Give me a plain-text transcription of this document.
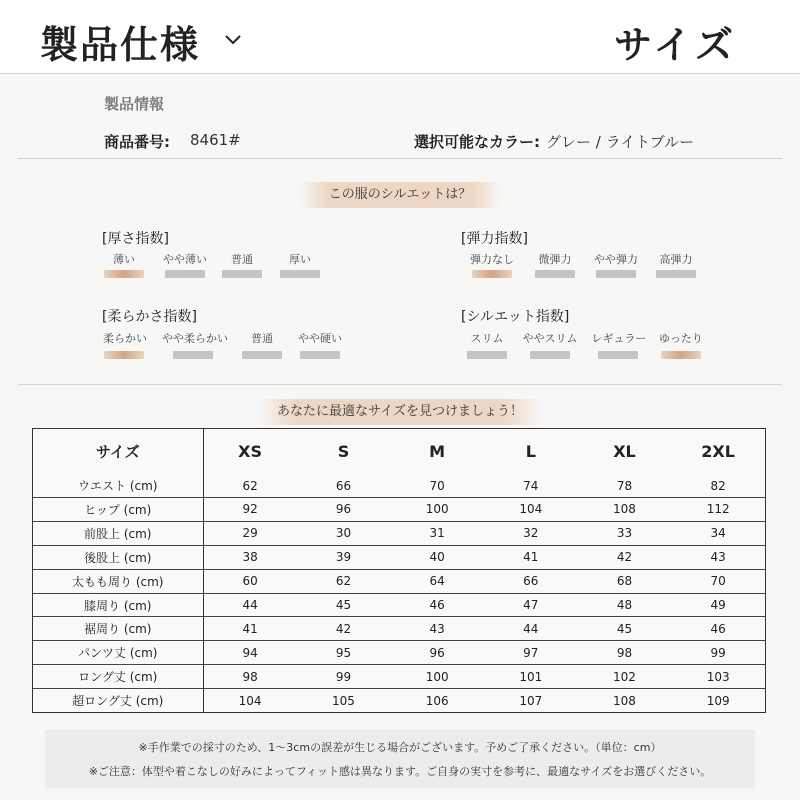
製品仕様	サイズ
製品情報
商品番号: 8461#	選択可能なカラー: グレー / ライトブルー
この服のシルエットは？
[厚さ指数]
薄い	やや薄い	普通	厚い
[弾力指数]
弾力なし	微弾力	やや弾力	高弾力
[柔らかさ指数]
柔らかい やや柔らかい	普通	やや硬い
[シルエット指数]
スリム	ややスリム	レギュラー	ゆったり
あなたに最適なサイズを見つけましょう！
サイズ	XS	S	M	L	XL	2XL
ウエスト (cm)	62	66	70	74	78	82
ヒップ (cm)	92	96	100	104	108	112
前股上 (cm)	29	30	31	32	33	34
後股上 (cm)	38	39	40	41	42	43
太もも周り (cm)	60	62	64	66	68	70
膝周り (cm)	44	45	46	47	48	49
裾周り (cm)	41	42	43	44	45	46
パンツ丈 (cm)	94	95	96	97	98	99
ロング丈 (cm)	98	99	100	101	102	103
超ロング丈 (cm)	104	105	106	107	108	109
※手作業での採寸のため、1～3cmの誤差が生じる場合がございます。予めご了承ください。（単位：cm）
※ご注意：体型や着こなしの好みによってフィット感は異なります。ご自身の実寸を参考に、最適なサイズをお選びください。
